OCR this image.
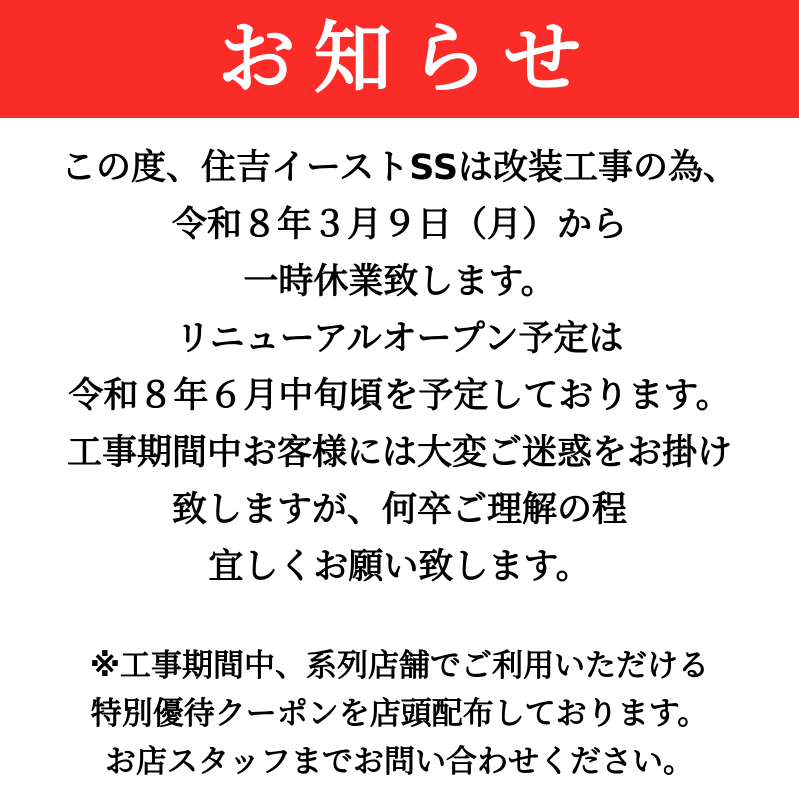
お知らせ
この度、住吉イーストSSは改装工事の為、
令和８年３月９日（月）から
一時休業致します。
リニューアルオープン予定は
令和８年６月中旬頃を予定しております。
工事期間中お客様には大変ご迷惑をお掛け
致しますが、何卒ご理解の程
宜しくお願い致します。
※工事期間中、系列店舗でご利用いただける
特別優待クーポンを店頭配布しております。
お店スタッフまでお問い合わせください。
